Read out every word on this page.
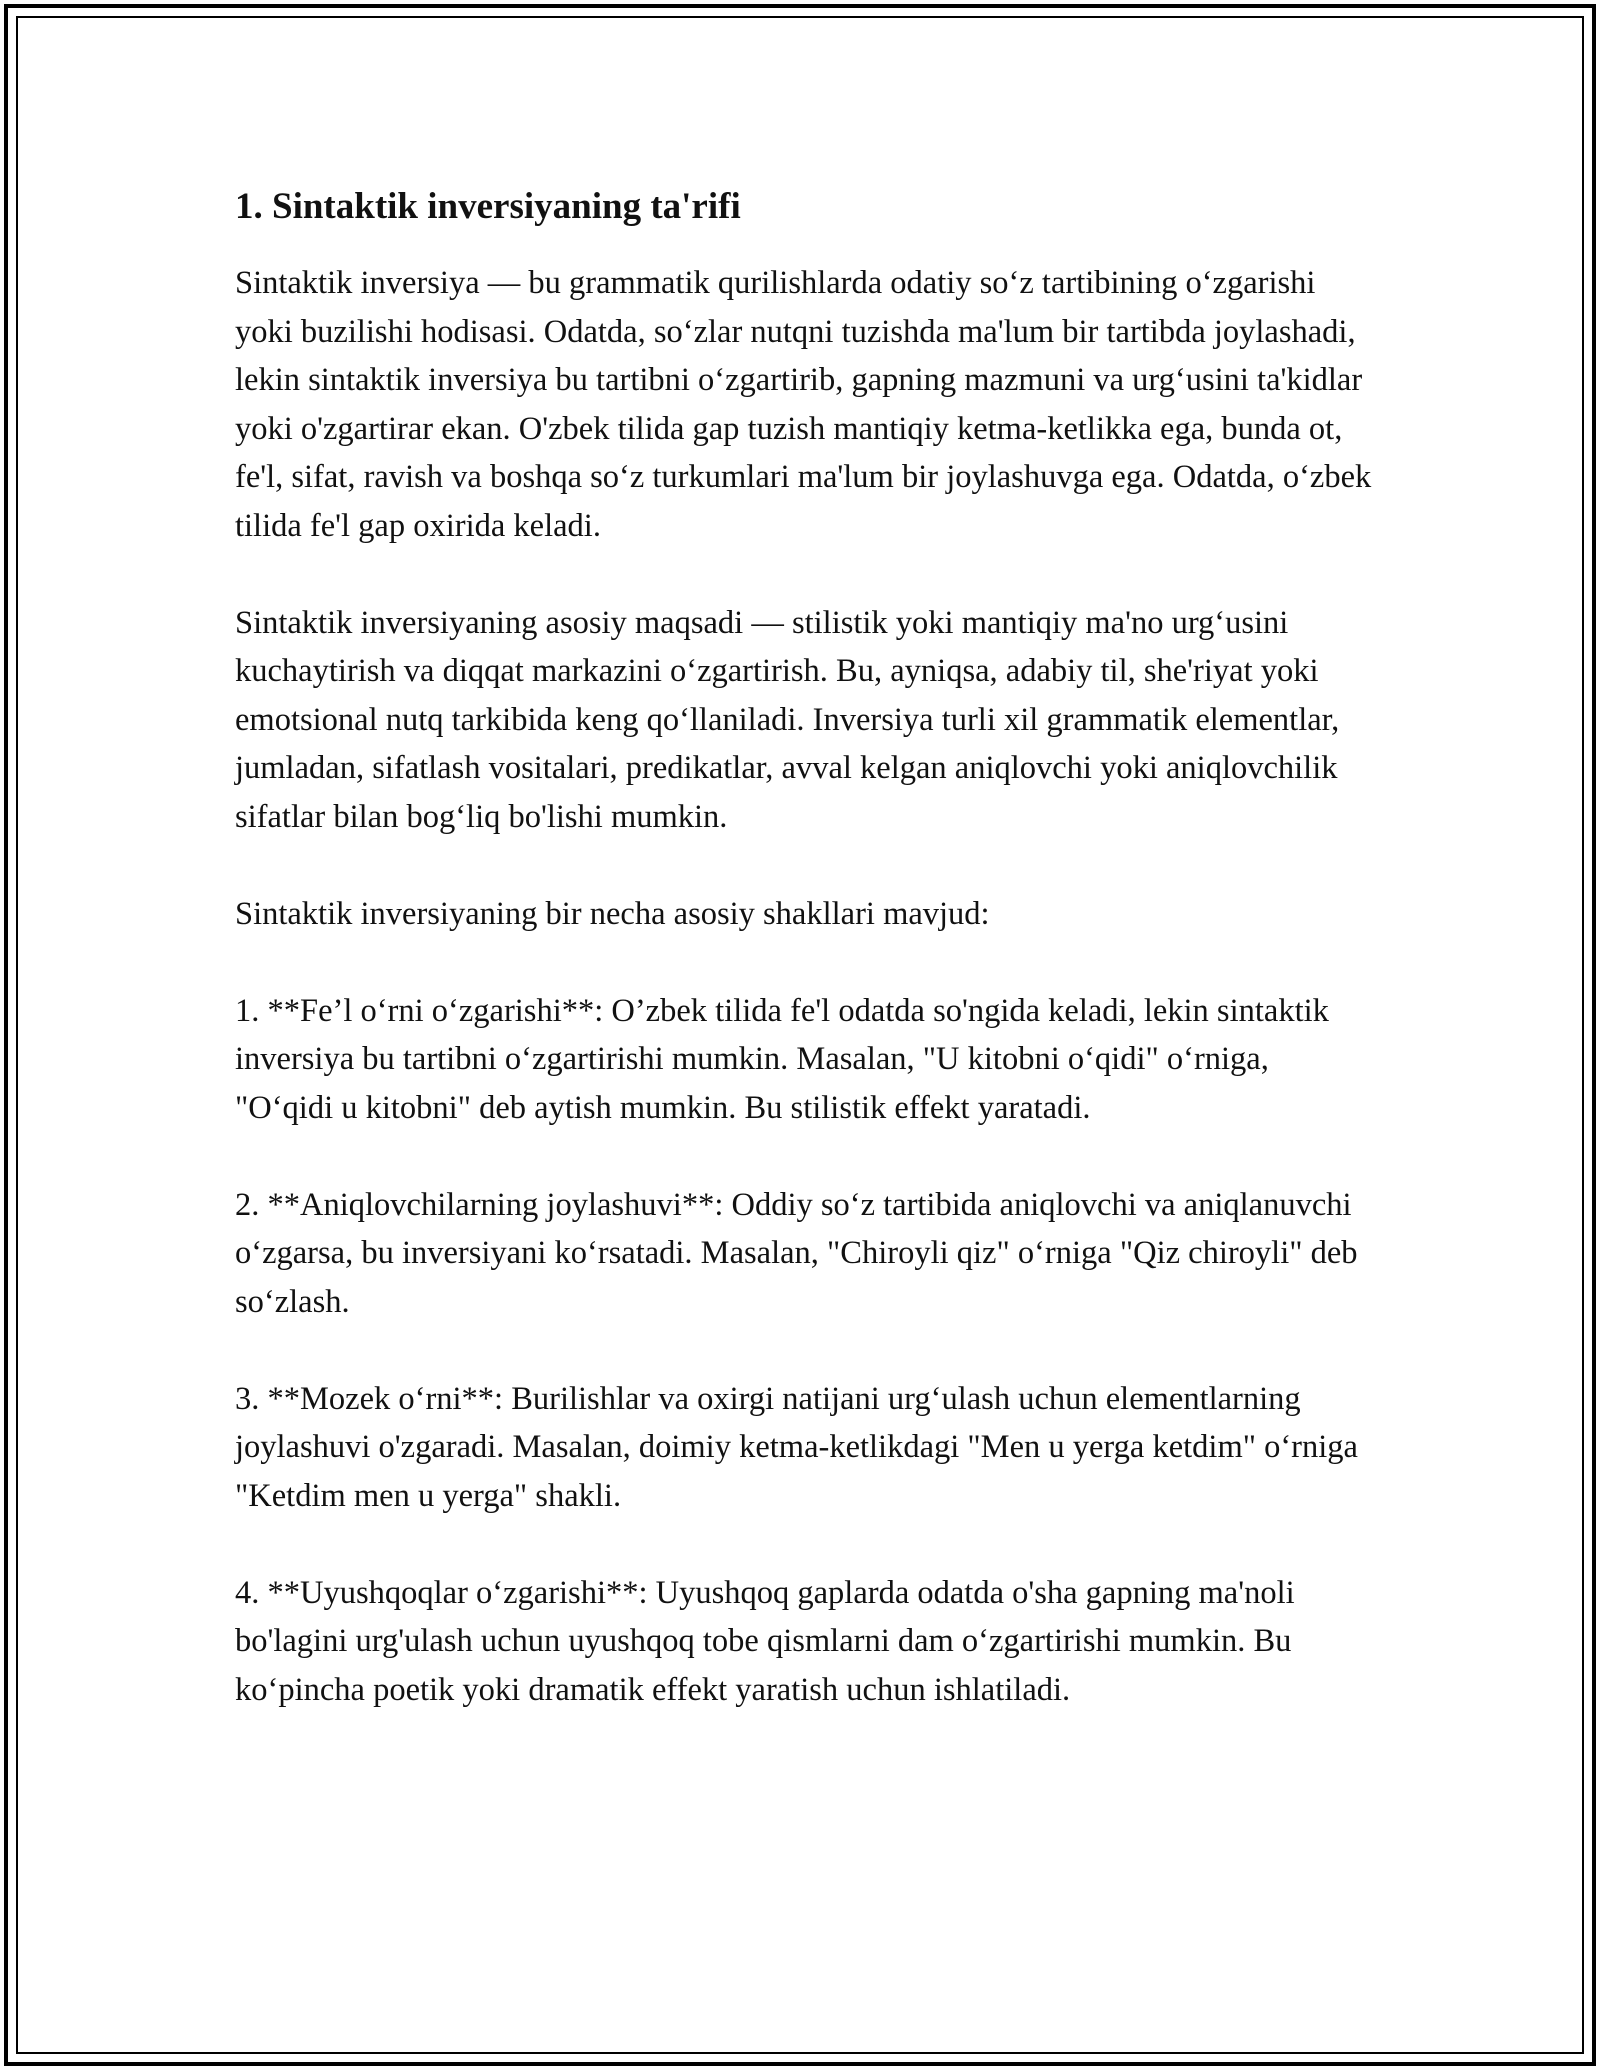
1. Sintaktik inversiyaning ta'rifi

Sintaktik inversiya — bu grammatik qurilishlarda odatiy so‘z tartibining o‘zgarishi yoki buzilishi hodisasi. Odatda, so‘zlar nutqni tuzishda ma'lum bir tartibda joylashadi, lekin sintaktik inversiya bu tartibni o‘zgartirib, gapning mazmuni va urg‘usini ta'kidlar yoki o'zgartirar ekan. O'zbek tilida gap tuzish mantiqiy ketma-ketlikka ega, bunda ot, fe'l, sifat, ravish va boshqa so‘z turkumlari ma'lum bir joylashuvga ega. Odatda, o‘zbek tilida fe'l gap oxirida keladi.

Sintaktik inversiyaning asosiy maqsadi — stilistik yoki mantiqiy ma'no urg‘usini kuchaytirish va diqqat markazini o‘zgartirish. Bu, ayniqsa, adabiy til, she'riyat yoki emotsional nutq tarkibida keng qo‘llaniladi. Inversiya turli xil grammatik elementlar, jumladan, sifatlash vositalari, predikatlar, avval kelgan aniqlovchi yoki aniqlovchilik sifatlar bilan bog‘liq bo'lishi mumkin.

Sintaktik inversiyaning bir necha asosiy shakllari mavjud:

1. **Fe’l o‘rni o‘zgarishi**: O’zbek tilida fe'l odatda so'ngida keladi, lekin sintaktik inversiya bu tartibni o‘zgartirishi mumkin. Masalan, "U kitobni o‘qidi" o‘rniga, "O‘qidi u kitobni" deb aytish mumkin. Bu stilistik effekt yaratadi.

2. **Aniqlovchilarning joylashuvi**: Oddiy so‘z tartibida aniqlovchi va aniqlanuvchi o‘zgarsa, bu inversiyani ko‘rsatadi. Masalan, "Chiroyli qiz" o‘rniga "Qiz chiroyli" deb so‘zlash.

3. **Mozek o‘rni**: Burilishlar va oxirgi natijani urg‘ulash uchun elementlarning joylashuvi o'zgaradi. Masalan, doimiy ketma-ketlikdagi "Men u yerga ketdim" o‘rniga "Ketdim men u yerga" shakli.

4. **Uyushqoqlar o‘zgarishi**: Uyushqoq gaplarda odatda o'sha gapning ma'noli bo'lagini urg'ulash uchun uyushqoq tobe qismlarni dam o‘zgartirishi mumkin. Bu ko‘pincha poetik yoki dramatik effekt yaratish uchun ishlatiladi.
